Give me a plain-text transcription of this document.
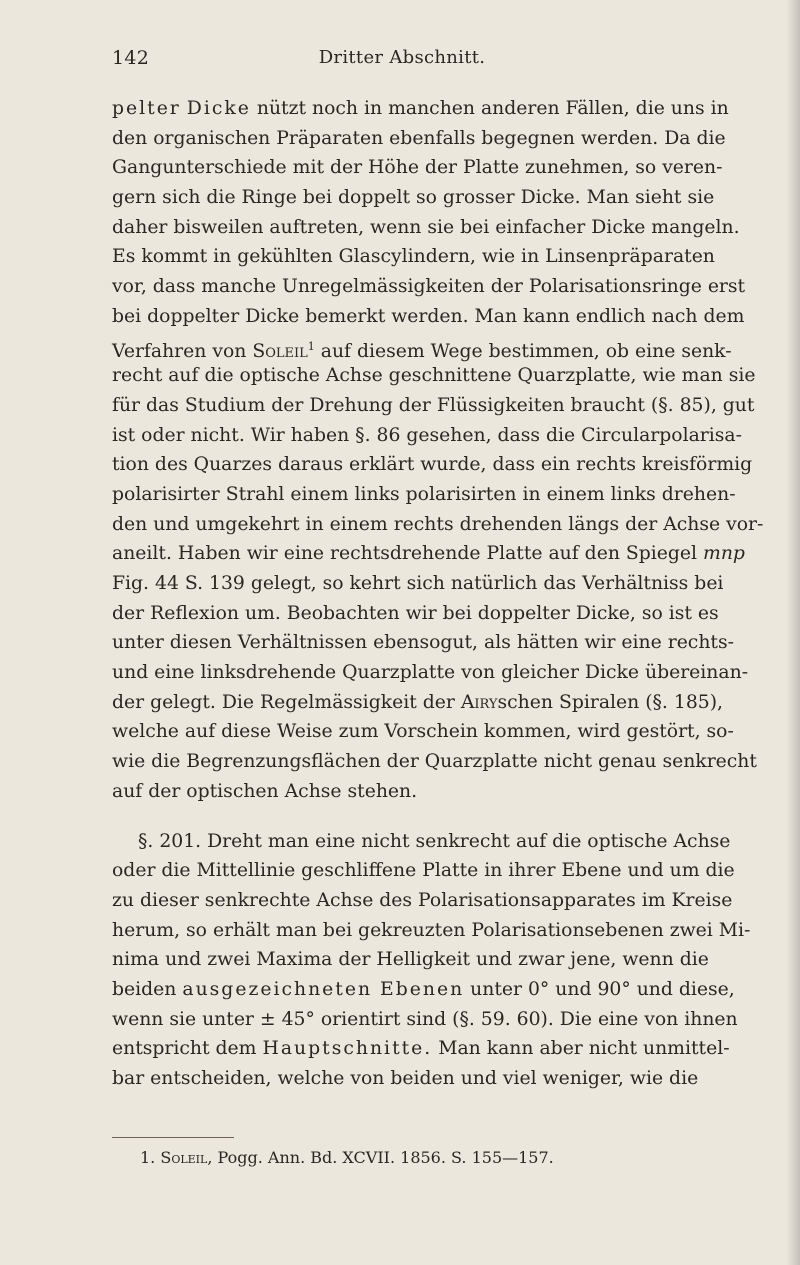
142	Dritter Abschnitt.
pelter Dicke nützt noch in manchen anderen Fällen, die uns in
den organischen Präparaten ebenfalls begegnen werden. Da die
Gangunterschiede mit der Höhe der Platte zunehmen, so veren-
gern sich die Ringe bei doppelt so grosser Dicke. Man sieht sie
daher bisweilen auftreten, wenn sie bei einfacher Dicke mangeln.
Es kommt in gekühlten Glascylindern, wie in Linsenpräparaten
vor, dass manche Unregelmässigkeiten der Polarisationsringe erst
bei doppelter Dicke bemerkt werden. Man kann endlich nach dem
Verfahren von Soleil$^1$ auf diesem Wege bestimmen, ob eine senk-
recht auf die optische Achse geschnittene Quarzplatte, wie man sie
für das Studium der Drehung der Flüssigkeiten braucht (§. 85), gut
ist oder nicht. Wir haben §. 86 gesehen, dass die Circularpolarisa-
tion des Quarzes daraus erklärt wurde, dass ein rechts kreisförmig
polarisirter Strahl einem links polarisirten in einem links drehen-
den und umgekehrt in einem rechts drehenden längs der Achse vor-
aneilt. Haben wir eine rechtsdrehende Platte auf den Spiegel mnp
Fig. 44 S. 139 gelegt, so kehrt sich natürlich das Verhältniss bei
der Reflexion um. Beobachten wir bei doppelter Dicke, so ist es
unter diesen Verhältnissen ebensogut, als hätten wir eine rechts-
und eine linksdrehende Quarzplatte von gleicher Dicke übereinan-
der gelegt. Die Regelmässigkeit der Airyschen Spiralen (§. 185),
welche auf diese Weise zum Vorschein kommen, wird gestört, so-
wie die Begrenzungsflächen der Quarzplatte nicht genau senkrecht
auf der optischen Achse stehen.
§. 201. Dreht man eine nicht senkrecht auf die optische Achse
oder die Mittellinie geschliffene Platte in ihrer Ebene und um die
zu dieser senkrechte Achse des Polarisationsapparates im Kreise
herum, so erhält man bei gekreuzten Polarisationsebenen zwei Mi-
nima und zwei Maxima der Helligkeit und zwar jene, wenn die
beiden ausgezeichneten Ebenen unter 0° und 90° und diese,
wenn sie unter ± 45° orientirt sind (§. 59. 60). Die eine von ihnen
entspricht dem Hauptschnitte. Man kann aber nicht unmittel-
bar entscheiden, welche von beiden und viel weniger, wie die
1. Soleil, Pogg. Ann. Bd. XCVII. 1856. S. 155—157.
